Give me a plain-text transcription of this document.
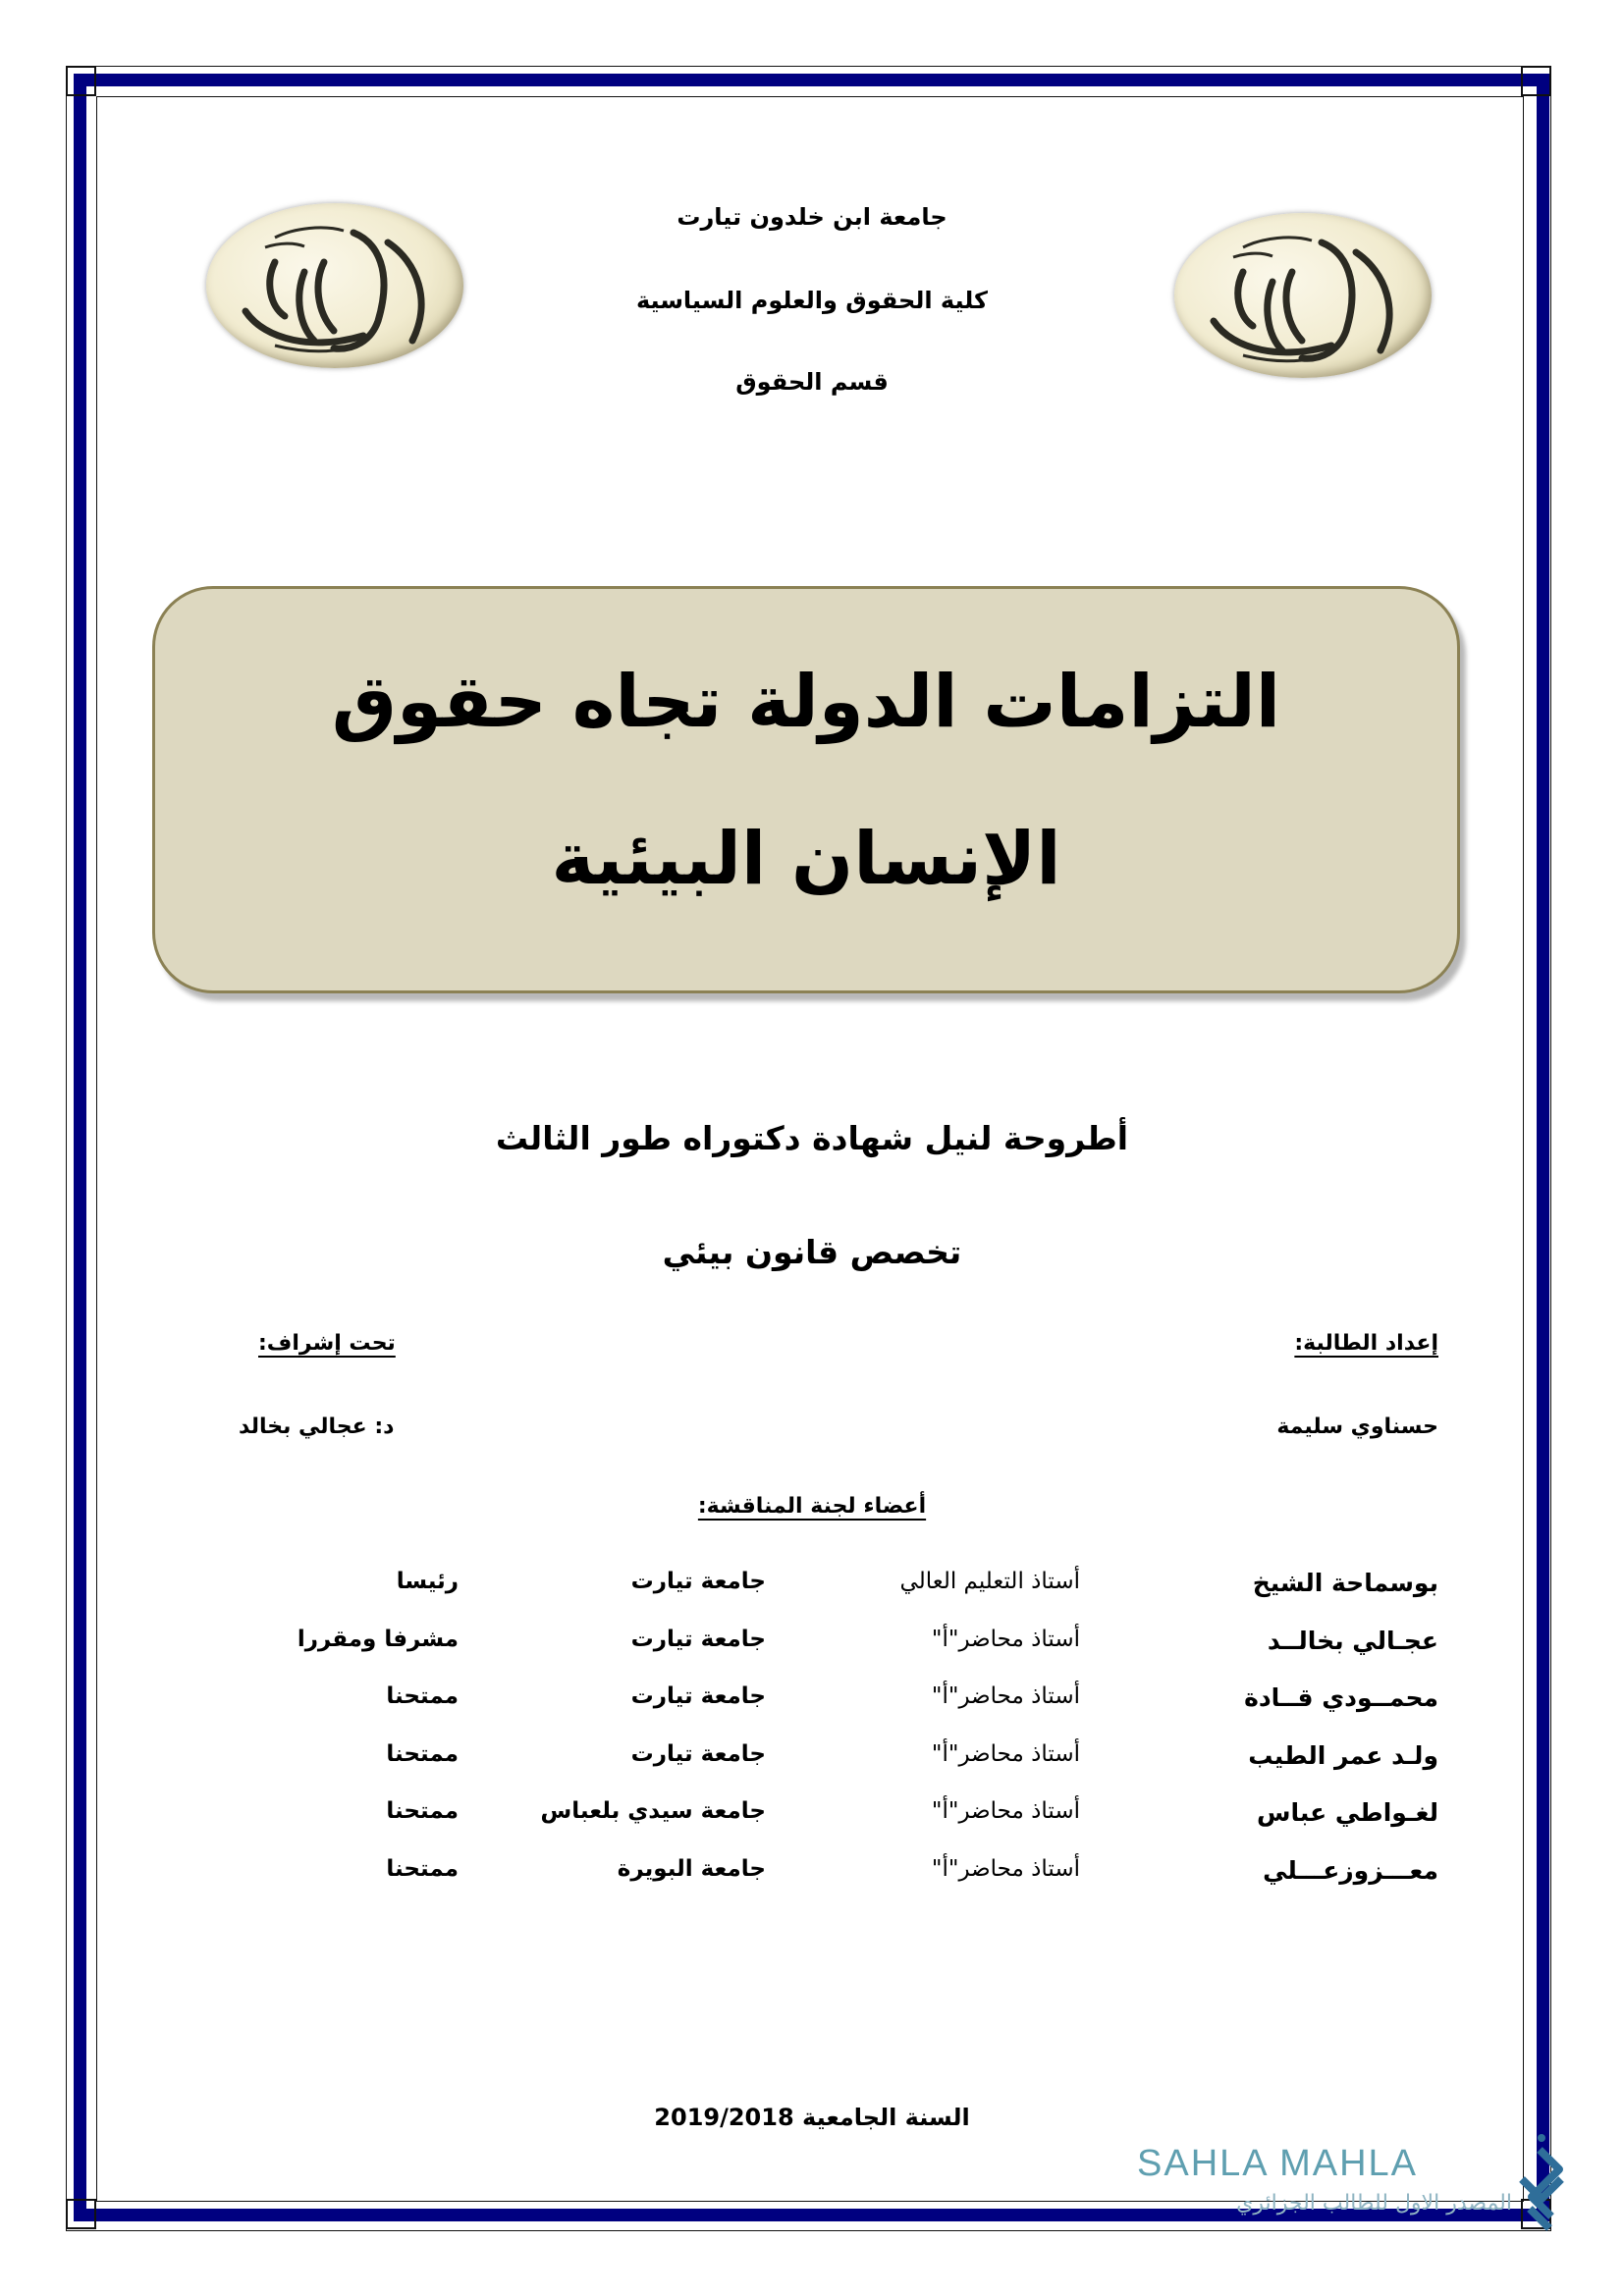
جامعة ابن خلدون تيارت
كلية الحقوق والعلوم السياسية
قسم الحقوق
التزامات الدولة تجاه حقوق
الإنسان البيئية
أطروحة لنيل شهادة دكتوراه طور الثالث
تخصص قانون بيئي
إعداد الطالبة:
تحت إشراف:
حسناوي سليمة
د: عجالي بخالد
أعضاء لجنة المناقشة:
بوسماحة الشيخ
أستاذ التعليم العالي
جامعة تيارت
رئيسا
عجـالي بخالــد
أستاذ محاضر"أ"
جامعة تيارت
مشرفا ومقررا
محمــودي قــادة
أستاذ محاضر"أ"
جامعة تيارت
ممتحنا
ولـد عمر الطيب
أستاذ محاضر"أ"
جامعة تيارت
ممتحنا
لغـواطي عباس
أستاذ محاضر"أ"
جامعة سيدي بلعباس
ممتحنا
معـــزوزعـــلي
أستاذ محاضر"أ"
جامعة البويرة
ممتحنا
السنة الجامعية 2019/2018
SAHLA MAHLA
المصدر الاول للطالب الجزائري
